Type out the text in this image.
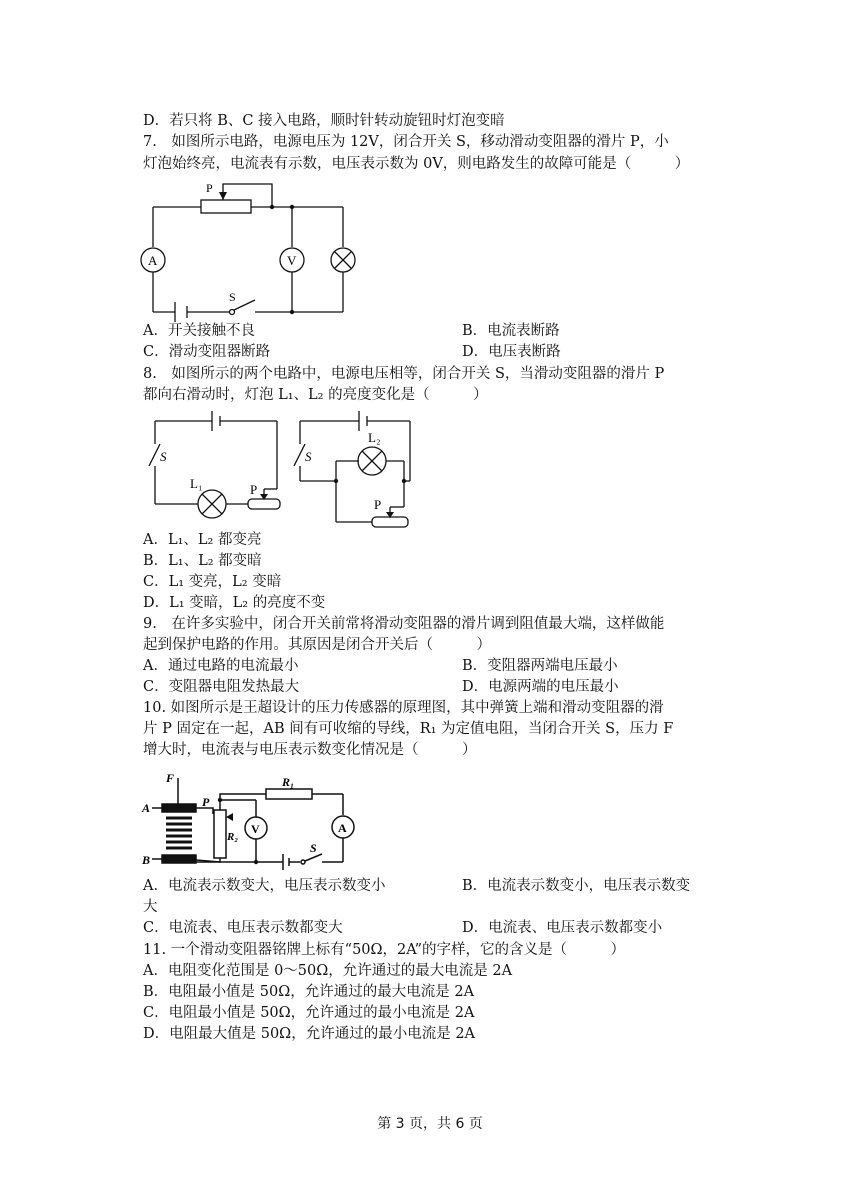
D．若只将 B、C 接入电路，顺时针转动旋钮时灯泡变暗
7.　如图所示电路，电源电压为 12V，闭合开关 S，移动滑动变阻器的滑片 P，小
灯泡始终亮，电流表有示数，电压表示数为 0V，则电路发生的故障可能是（　　　）
P
A	V
S
A．开关接触不良	B．电流表断路
C．滑动变阻器断路	D．电压表断路
8.　如图所示的两个电路中，电源电压相等，闭合开关 S，当滑动变阻器的滑片 P
都向右滑动时，灯泡 L₁、L₂ 的亮度变化是（　　　）
S
L₁	P
S
L₂
P
A．L₁、L₂ 都变亮
B．L₁、L₂ 都变暗
C．L₁ 变亮，L₂ 变暗
D．L₁ 变暗，L₂ 的亮度不变
9.　在许多实验中，闭合开关前常将滑动变阻器的滑片调到阻值最大端，这样做能
起到保护电路的作用。其原因是闭合开关后（　　　）
A．通过电路的电流最小	B．变阻器两端电压最小
C．变阻器电阻发热最大	D．电源两端的电压最小
10. 如图所示是王超设计的压力传感器的原理图，其中弹簧上端和滑动变阻器的滑
片 P 固定在一起，AB 间有可收缩的导线，R₁ 为定值电阻，当闭合开关 S，压力 F
增大时，电流表与电压表示数变化情况是（　　　）
F
A
B
P
R₂
R₁
V	A
S
A．电流表示数变大，电压表示数变小	B．电流表示数变小，电压表示数变
大
C．电流表、电压表示数都变大	D．电流表、电压表示数都变小
11. 一个滑动变阻器铭牌上标有“50Ω，2A”的字样，它的含义是（　　　）
A．电阻变化范围是 0～50Ω，允许通过的最大电流是 2A
B．电阻最小值是 50Ω，允许通过的最大电流是 2A
C．电阻最小值是 50Ω，允许通过的最小电流是 2A
D．电阻最大值是 50Ω，允许通过的最小电流是 2A
第 3 页，共 6 页
